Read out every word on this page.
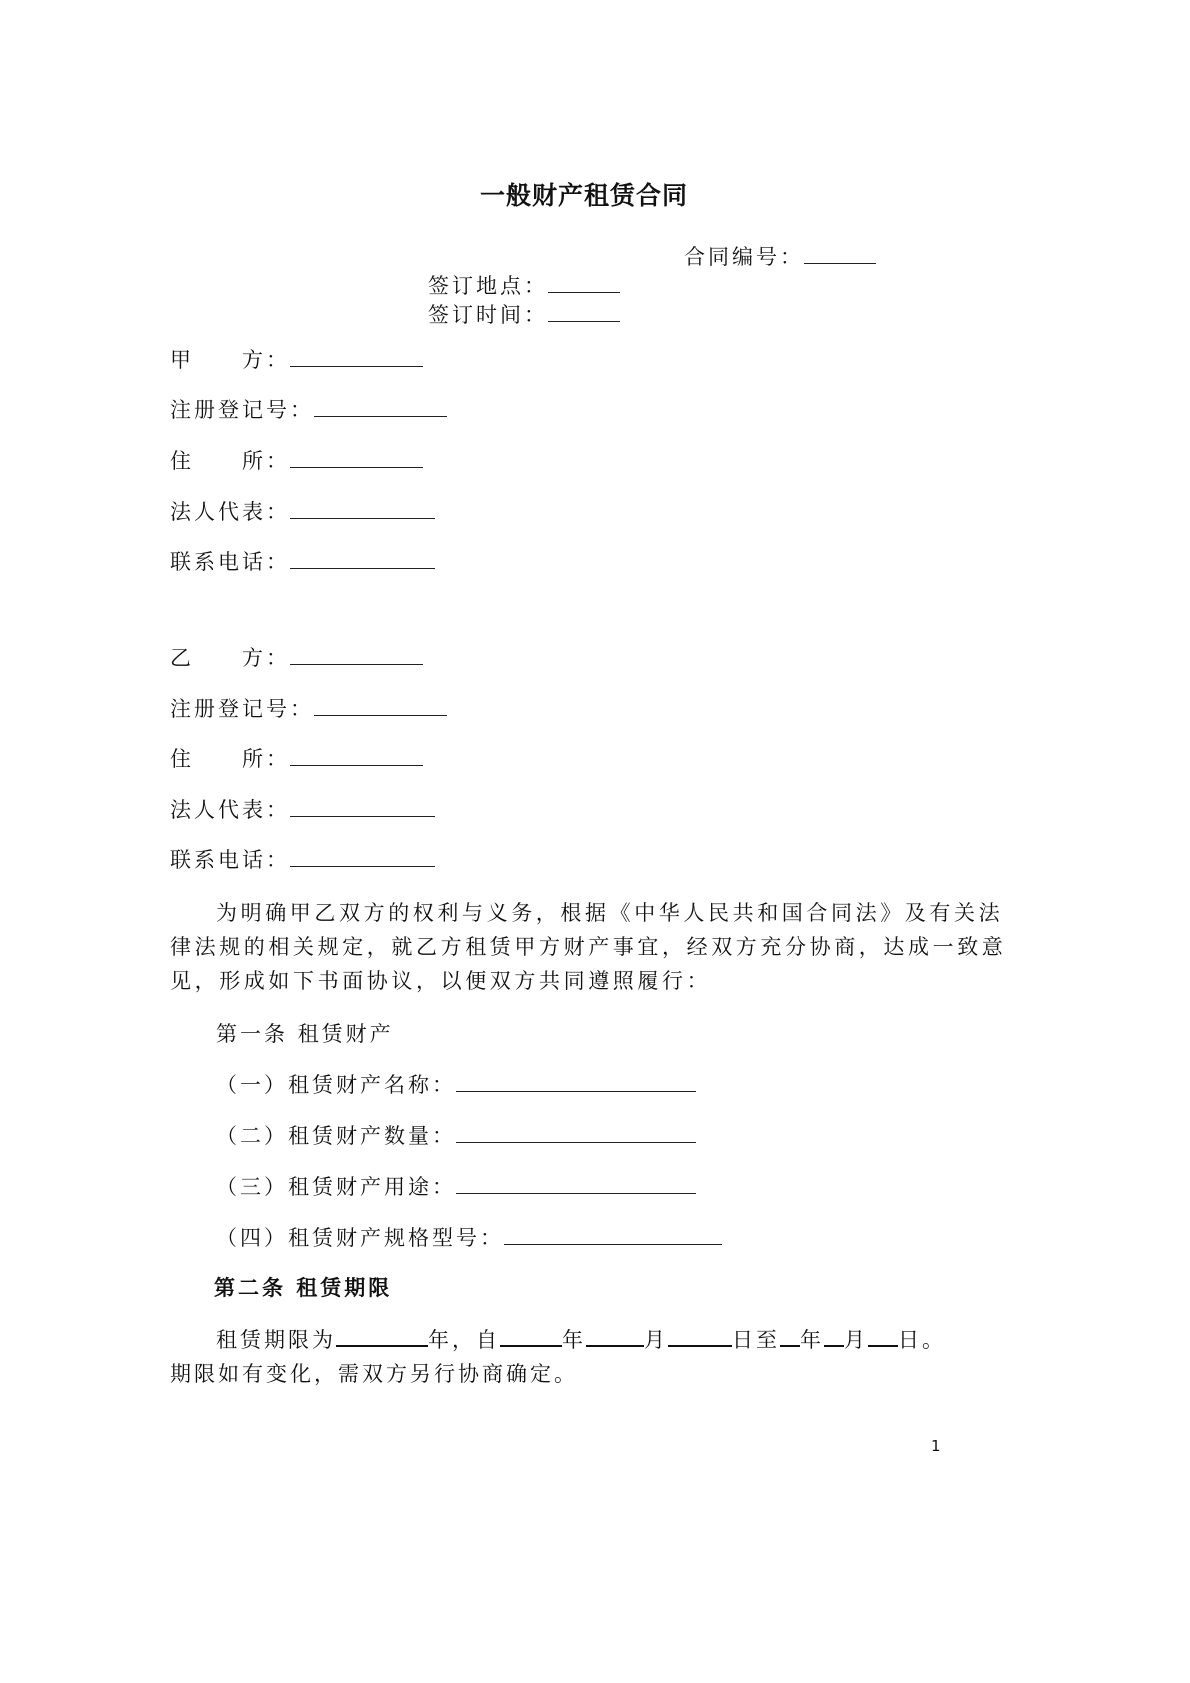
一般财产租赁合同
合同编号：
签订地点：
签订时间：
甲　　方：
注册登记号：
住　　所：
法人代表：
联系电话：
乙　　方：
注册登记号：
住　　所：
法人代表：
联系电话：
为明确甲乙双方的权利与义务，根据《中华人民共和国合同法》及有关法
律法规的相关规定，就乙方租赁甲方财产事宜，经双方充分协商，达成一致意
见，形成如下书面协议，以便双方共同遵照履行：
第一条 租赁财产
（一）租赁财产名称：
（二）租赁财产数量：
（三）租赁财产用途：
（四）租赁财产规格型号：
第二条 租赁期限
租赁期限为	年，自	年	月	日至 年 月 日。
期限如有变化，需双方另行协商确定。
1
